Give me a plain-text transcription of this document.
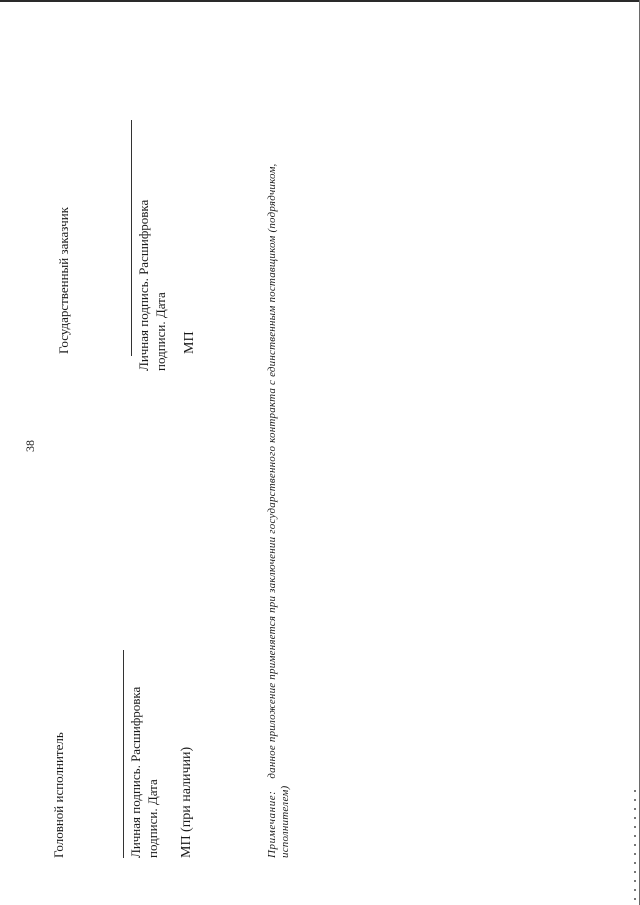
38
Головной исполнитель	Личная подпись. Расшифровка подписи. Дата МП (при наличии)
Государственный заказчик	Личная подпись. Расшифровка подписи. Дата МП
Примечание:    данное приложение применяется при заключении государственного контракта с единственным поставщиком (подрядчиком,
исполнителем)
